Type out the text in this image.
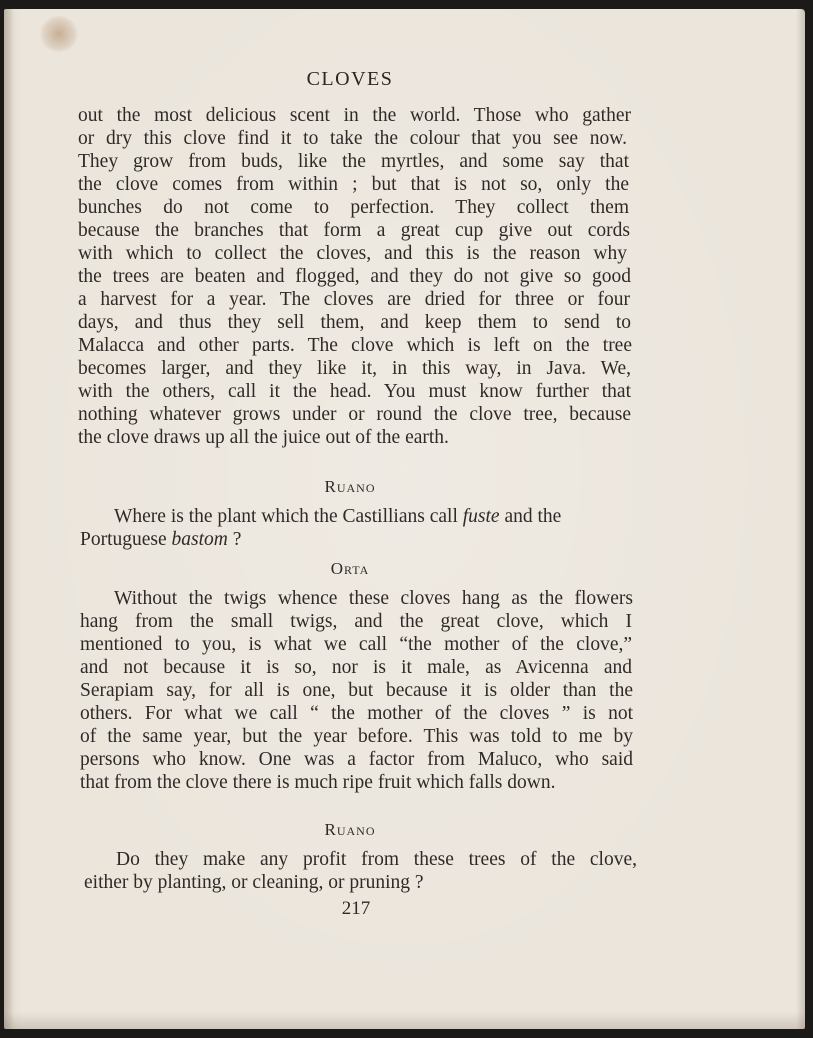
CLOVES
out the most delicious scent in the world. Those who gather
or dry this clove find it to take the colour that you see now.
They grow from buds, like the myrtles, and some say that
the clove comes from within ; but that is not so, only the
bunches do not come to perfection. They collect them
because the branches that form a great cup give out cords
with which to collect the cloves, and this is the reason why
the trees are beaten and flogged, and they do not give so good
a harvest for a year. The cloves are dried for three or four
days, and thus they sell them, and keep them to send to
Malacca and other parts. The clove which is left on the tree
becomes larger, and they like it, in this way, in Java. We,
with the others, call it the head. You must know further that
nothing whatever grows under or round the clove tree, because
the clove draws up all the juice out of the earth.
Ruano
Where is the plant which the Castillians call fuste and the
Portuguese bastom ?
Orta
Without the twigs whence these cloves hang as the flowers
hang from the small twigs, and the great clove, which I
mentioned to you, is what we call “the mother of the clove,”
and not because it is so, nor is it male, as Avicenna and
Serapiam say, for all is one, but because it is older than the
others. For what we call “ the mother of the cloves ” is not
of the same year, but the year before. This was told to me by
persons who know. One was a factor from Maluco, who said
that from the clove there is much ripe fruit which falls down.
Ruano
Do they make any profit from these trees of the clove,
either by planting, or cleaning, or pruning ?
217
